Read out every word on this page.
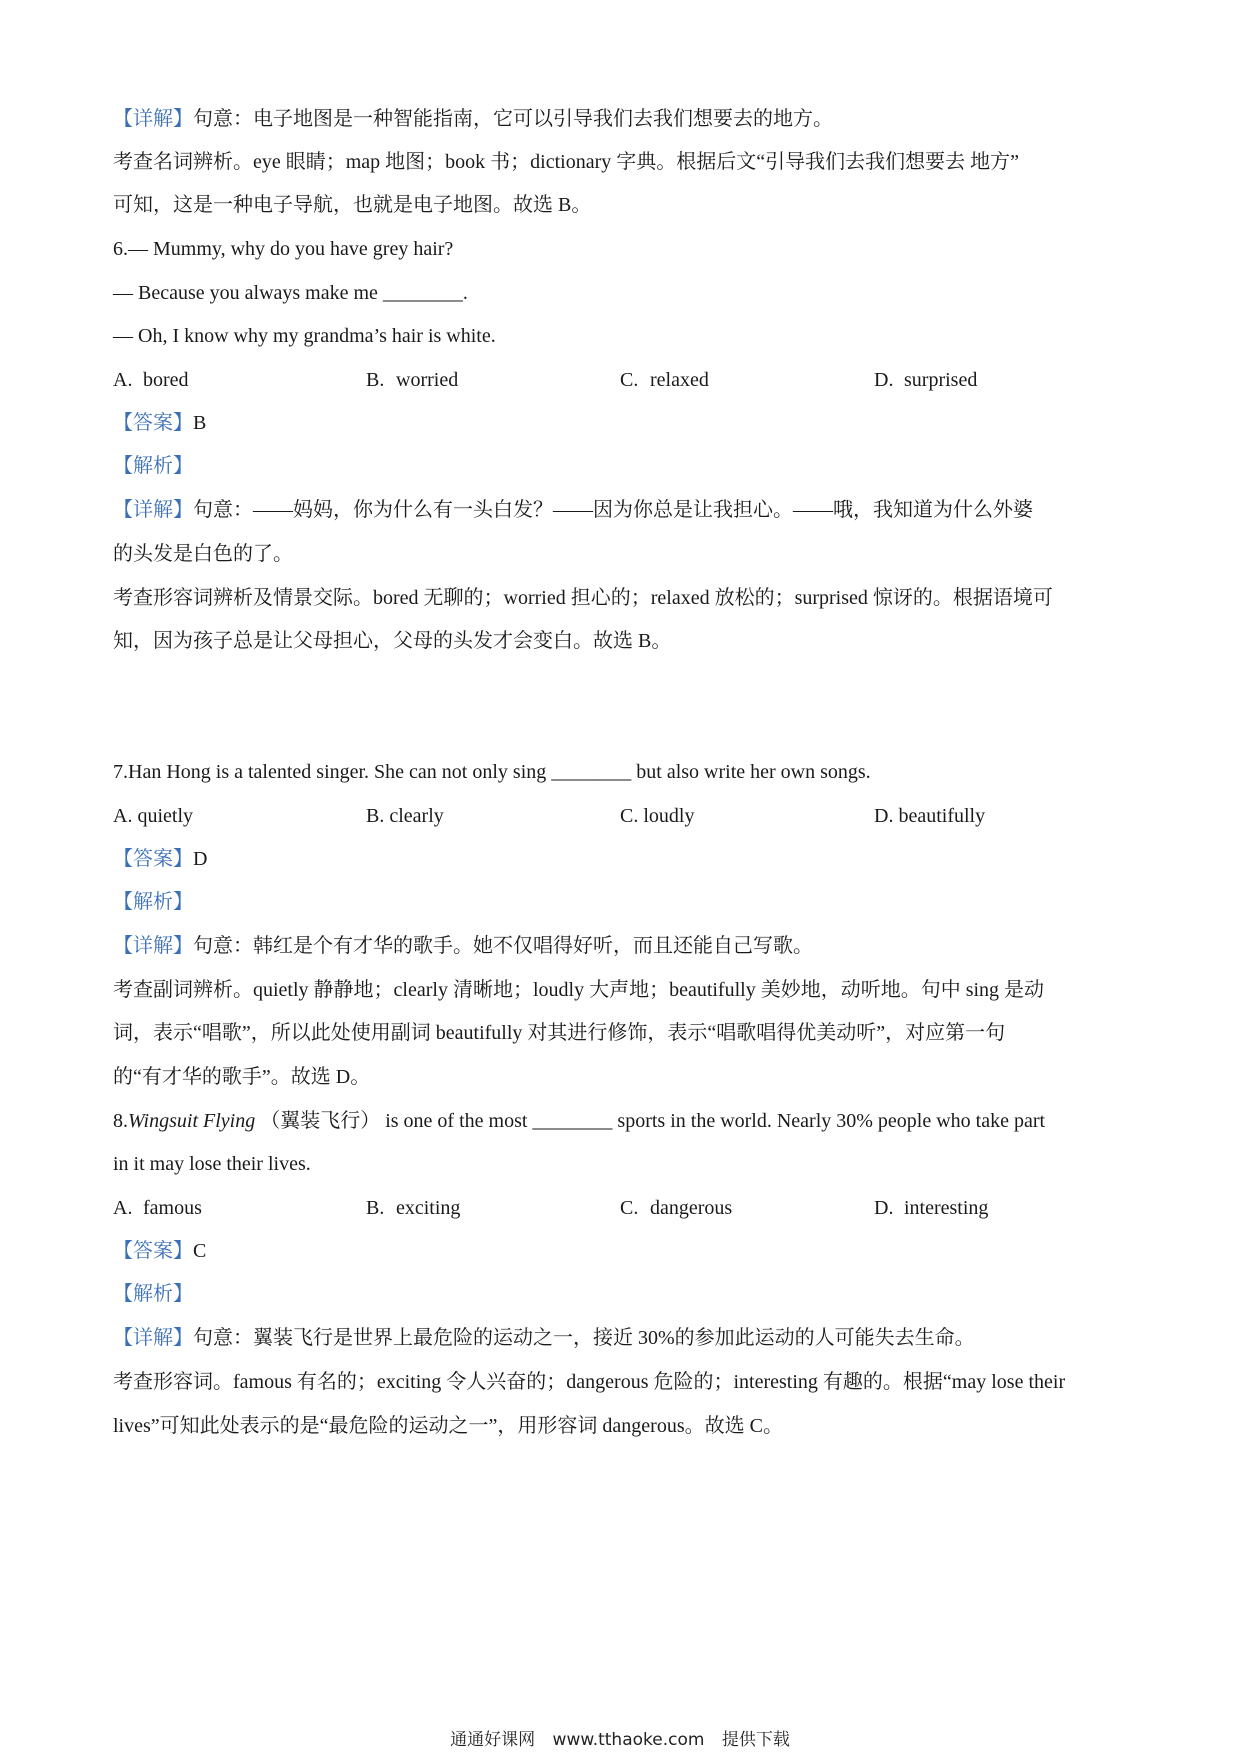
【详解】句意：电子地图是一种智能指南，它可以引导我们去我们想要去的地方。
考查名词辨析。eye 眼睛；map 地图；book 书；dictionary 字典。根据后文“引导我们去我们想要去 地方”
可知，这是一种电子导航，也就是电子地图。故选 B。
6.— Mummy, why do you have grey hair?
— Because you always make me ________.
— Oh, I know why my grandma’s hair is white.
A. bored	B. worried	C. relaxed	D. surprised
【答案】B
【解析】
【详解】句意：——妈妈，你为什么有一头白发？——因为你总是让我担心。——哦，我知道为什么外婆
的头发是白色的了。
考查形容词辨析及情景交际。bored 无聊的；worried 担心的；relaxed 放松的；surprised 惊讶的。根据语境可
知，因为孩子总是让父母担心，父母的头发才会变白。故选 B。
7.Han Hong is a talented singer. She can not only sing ________ but also write her own songs.
A. quietly	B. clearly	C. loudly	D. beautifully
【答案】D
【解析】
【详解】句意：韩红是个有才华的歌手。她不仅唱得好听，而且还能自己写歌。
考查副词辨析。quietly 静静地；clearly 清晰地；loudly 大声地；beautifully 美妙地，动听地。句中 sing 是动
词，表示“唱歌”，所以此处使用副词 beautifully 对其进行修饰，表示“唱歌唱得优美动听”，对应第一句
的“有才华的歌手”。故选 D。
8.Wingsuit Flying （翼装飞行） is one of the most ________ sports in the world. Nearly 30% people who take part
in it may lose their lives.
A. famous	B. exciting	C. dangerous	D. interesting
【答案】C
【解析】
【详解】句意：翼装飞行是世界上最危险的运动之一，接近 30%的参加此运动的人可能失去生命。
考查形容词。famous 有名的；exciting 令人兴奋的；dangerous 危险的；interesting 有趣的。根据“may lose their
lives”可知此处表示的是“最危险的运动之一”，用形容词 dangerous。故选 C。
通通好课网 www.tthaoke.com 提供下载
